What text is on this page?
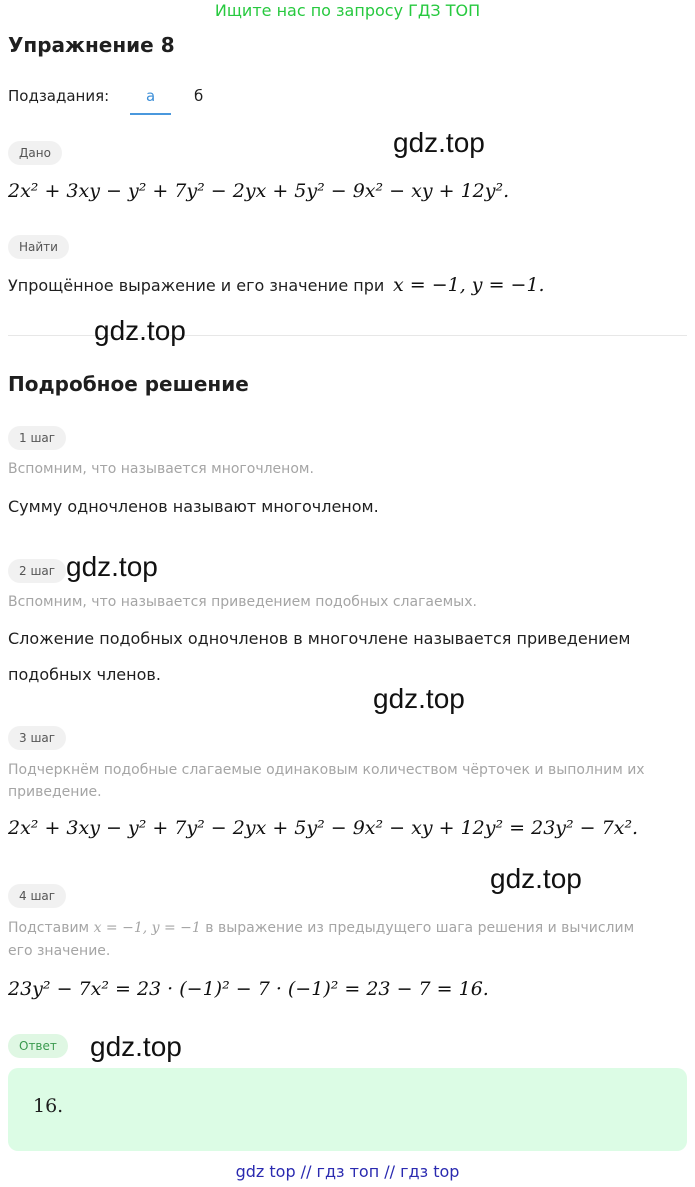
Ищите нас по запросу ГДЗ ТОП
Упражнение 8
Подзадания: а	б
Дано
2x² + 3xy − y² + 7y² − 2yx + 5y² − 9x² − xy + 12y².
Найти
Упрощённое выражение и его значение при x = −1, y = −1.
Подробное решение
1 шаг
Вспомним, что называется многочленом.
Сумму одночленов называют многочленом.
2 шаг
Вспомним, что называется приведением подобных слагаемых.
Сложение подобных одночленов в многочлене называется приведением
подобных членов.
3 шаг
Подчеркнём подобные слагаемые одинаковым количеством чёрточек и выполним их
приведение.
2x² + 3xy − y² + 7y² − 2yx + 5y² − 9x² − xy + 12y² = 23y² − 7x².
4 шаг
Подставим x = −1, y = −1 в выражение из предыдущего шага решения и вычислим
его значение.
23y² − 7x² = 23 · (−1)² − 7 · (−1)² = 23 − 7 = 16.
Ответ
16.
gdz.top
gdz.top
gdz.top
gdz.top
gdz.top
gdz.top
gdz top // гдз топ // гдз top
